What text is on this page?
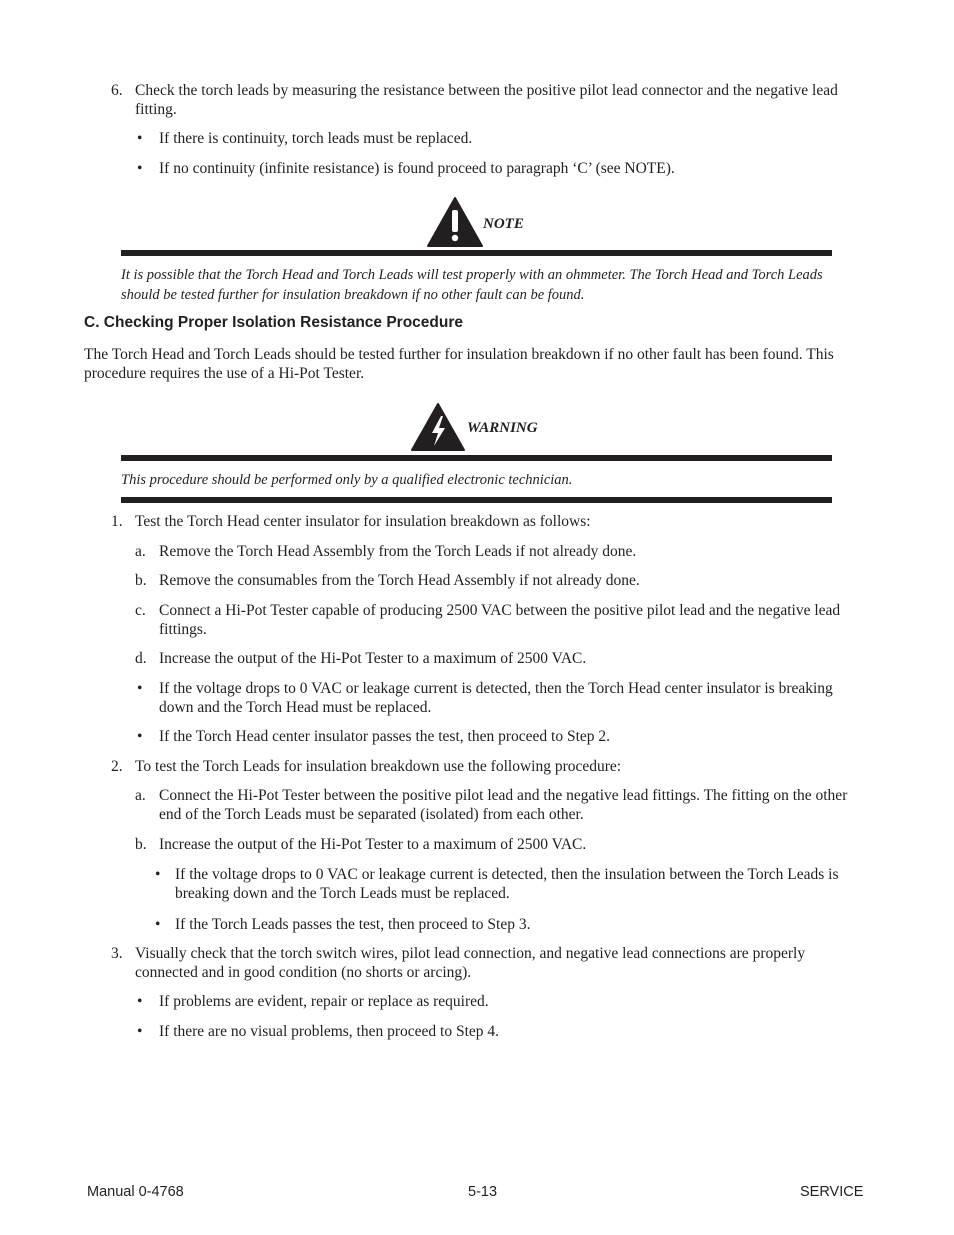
6. Check the torch leads by measuring the resistance between the positive pilot lead connector and the negative lead fitting.
• If there is continuity, torch leads must be replaced.
• If no continuity (infinite resistance) is found proceed to paragraph ‘C’ (see NOTE).
NOTE
It is possible that the Torch Head and Torch Leads will test properly with an ohmmeter. The Torch Head and Torch Leads should be tested further for insulation breakdown if no other fault can be found.
C. Checking Proper Isolation Resistance Procedure
The Torch Head and Torch Leads should be tested further for insulation breakdown if no other fault has been found. This procedure requires the use of a Hi-Pot Tester.
WARNING
This procedure should be performed only by a qualified electronic technician.
1. Test the Torch Head center insulator for insulation breakdown as follows:
a. Remove the Torch Head Assembly from the Torch Leads if not already done.
b. Remove the consumables from the Torch Head Assembly if not already done.
c. Connect a Hi-Pot Tester capable of producing 2500 VAC between the positive pilot lead and the negative lead fittings.
d. Increase the output of the Hi-Pot Tester to a maximum of 2500 VAC.
• If the voltage drops to 0 VAC or leakage current is detected, then the Torch Head center insulator is breaking down and the Torch Head must be replaced.
• If the Torch Head center insulator passes the test, then proceed to Step 2.
2. To test the Torch Leads for insulation breakdown use the following procedure:
a. Connect the Hi-Pot Tester between the positive pilot lead and the negative lead fittings. The fitting on the other end of the Torch Leads must be separated (isolated) from each other.
b. Increase the output of the Hi-Pot Tester to a maximum of 2500 VAC.
• If the voltage drops to 0 VAC or leakage current is detected, then the insulation between the Torch Leads is breaking down and the Torch Leads must be replaced.
• If the Torch Leads passes the test, then proceed to Step 3.
3. Visually check that the torch switch wires, pilot lead connection, and negative lead connections are properly connected and in good condition (no shorts or arcing).
• If problems are evident, repair or replace as required.
• If there are no visual problems, then proceed to Step 4.
Manual 0-4768	5-13	SERVICE
